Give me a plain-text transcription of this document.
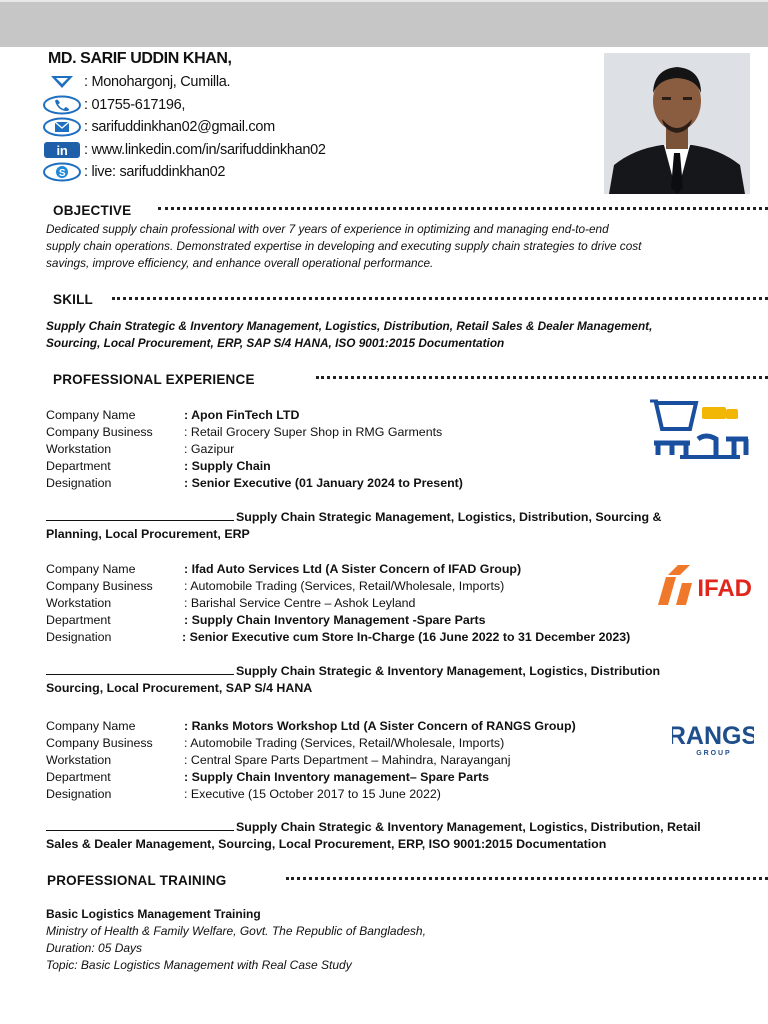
MD. SARIF UDDIN KHAN,
: Monohargonj, Cumilla.
: 01755-617196,
: sarifuddinkhan02@gmail.com
in : www.linkedin.com/in/sarifuddinkhan02
S : live: sarifuddinkhan02
OBJECTIVE
Dedicated supply chain professional with over 7 years of experience in optimizing and managing end-to-end
supply chain operations. Demonstrated expertise in developing and executing supply chain strategies to drive cost
savings, improve efficiency, and enhance overall operational performance.
SKILL
Supply Chain Strategic & Inventory Management, Logistics, Distribution, Retail Sales & Dealer Management,
Sourcing, Local Procurement, ERP, SAP S/4 HANA, ISO 9001:2015 Documentation
PROFESSIONAL EXPERIENCE
Company Name	: Apon FinTech LTD
Company Business	: Retail Grocery Super Shop in RMG Garments
Workstation	: Gazipur
Department	: Supply Chain
Designation	: Senior Executive (01 January 2024 to Present)
Supply Chain Strategic Management, Logistics, Distribution, Sourcing &
Planning, Local Procurement, ERP
Company Name	: Ifad Auto Services Ltd (A Sister Concern of IFAD Group)
Company Business	: Automobile Trading (Services, Retail/Wholesale, Imports)
Workstation	: Barishal Service Centre – Ashok Leyland
Department	: Supply Chain Inventory Management -Spare Parts
Designation	: Senior Executive cum Store In-Charge (16 June 2022 to 31 December 2023)
IFAD
Supply Chain Strategic & Inventory Management, Logistics, Distribution
Sourcing, Local Procurement, SAP S/4 HANA
Company Name	: Ranks Motors Workshop Ltd (A Sister Concern of RANGS Group)
Company Business	: Automobile Trading (Services, Retail/Wholesale, Imports)
Workstation	: Central Spare Parts Department – Mahindra, Narayanganj
Department	: Supply Chain Inventory management– Spare Parts
Designation	: Executive (15 October 2017 to 15 June 2022)
RANGS
G R O U P
Supply Chain Strategic & Inventory Management, Logistics, Distribution, Retail
Sales & Dealer Management, Sourcing, Local Procurement, ERP, ISO 9001:2015 Documentation
PROFESSIONAL TRAINING
Basic Logistics Management Training
Ministry of Health & Family Welfare, Govt. The Republic of Bangladesh,
Duration: 05 Days
Topic: Basic Logistics Management with Real Case Study
